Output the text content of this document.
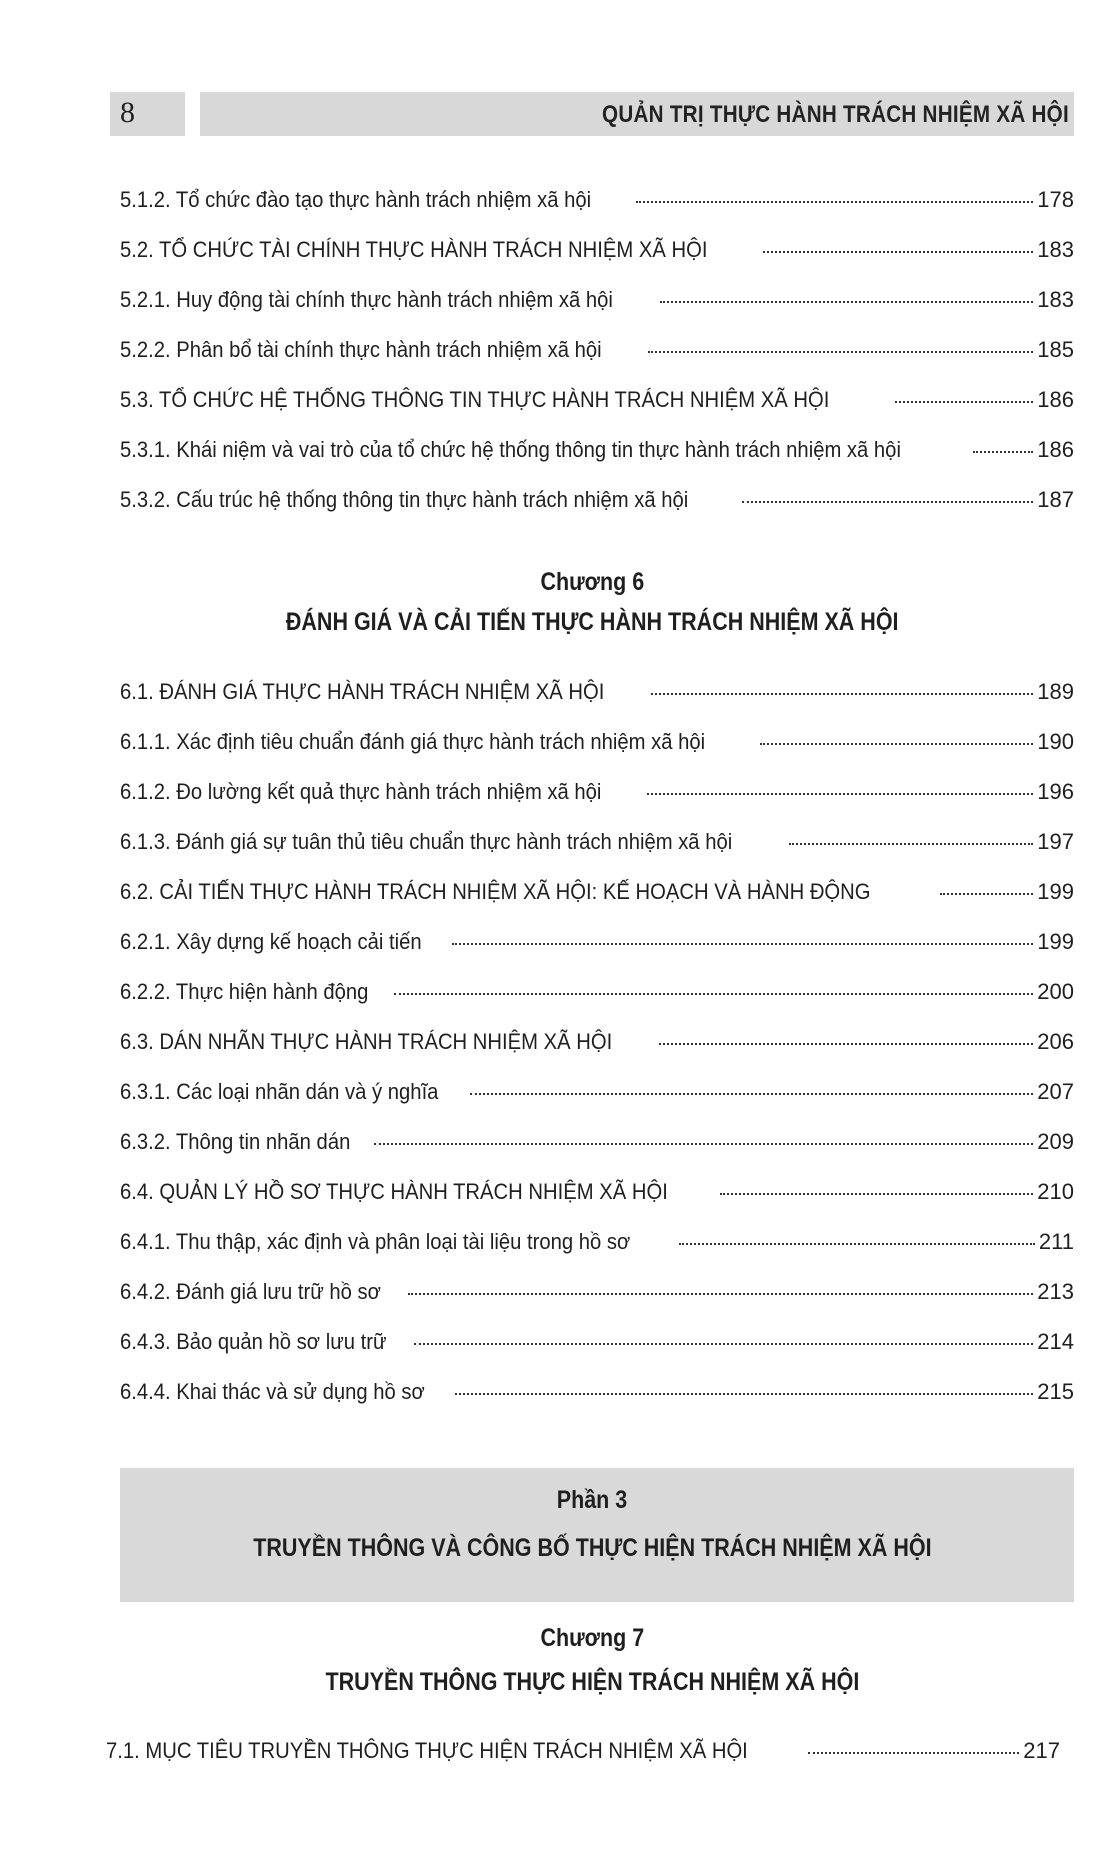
8	QUẢN TRỊ THỰC HÀNH TRÁCH NHIỆM XÃ HỘI
5.1.2. Tổ chức đào tạo thực hành trách nhiệm xã hội	178
5.2. TỔ CHỨC TÀI CHÍNH THỰC HÀNH TRÁCH NHIỆM XÃ HỘI	183
5.2.1. Huy động tài chính thực hành trách nhiệm xã hội	183
5.2.2. Phân bổ tài chính thực hành trách nhiệm xã hội	185
5.3. TỔ CHỨC HỆ THỐNG THÔNG TIN THỰC HÀNH TRÁCH NHIỆM XÃ HỘI	186
5.3.1. Khái niệm và vai trò của tổ chức hệ thống thông tin thực hành trách nhiệm xã hội	186
5.3.2. Cấu trúc hệ thống thông tin thực hành trách nhiệm xã hội	187
Chương 6
ĐÁNH GIÁ VÀ CẢI TIẾN THỰC HÀNH TRÁCH NHIỆM XÃ HỘI
6.1. ĐÁNH GIÁ THỰC HÀNH TRÁCH NHIỆM XÃ HỘI	189
6.1.1. Xác định tiêu chuẩn đánh giá thực hành trách nhiệm xã hội	190
6.1.2. Đo lường kết quả thực hành trách nhiệm xã hội	196
6.1.3. Đánh giá sự tuân thủ tiêu chuẩn thực hành trách nhiệm xã hội	197
6.2. CẢI TIẾN THỰC HÀNH TRÁCH NHIỆM XÃ HỘI: KẾ HOẠCH VÀ HÀNH ĐỘNG	199
6.2.1. Xây dựng kế hoạch cải tiến	199
6.2.2. Thực hiện hành động	200
6.3. DÁN NHÃN THỰC HÀNH TRÁCH NHIỆM XÃ HỘI	206
6.3.1. Các loại nhãn dán và ý nghĩa	207
6.3.2. Thông tin nhãn dán	209
6.4. QUẢN LÝ HỒ SƠ THỰC HÀNH TRÁCH NHIỆM XÃ HỘI	210
6.4.1. Thu thập, xác định và phân loại tài liệu trong hồ sơ	211
6.4.2. Đánh giá lưu trữ hồ sơ	213
6.4.3. Bảo quản hồ sơ lưu trữ	214
6.4.4. Khai thác và sử dụng hồ sơ	215
Phần 3
TRUYỀN THÔNG VÀ CÔNG BỐ THỰC HIỆN TRÁCH NHIỆM XÃ HỘI
Chương 7
TRUYỀN THÔNG THỰC HIỆN TRÁCH NHIỆM XÃ HỘI
7.1. MỤC TIÊU TRUYỀN THÔNG THỰC HIỆN TRÁCH NHIỆM XÃ HỘI	217
